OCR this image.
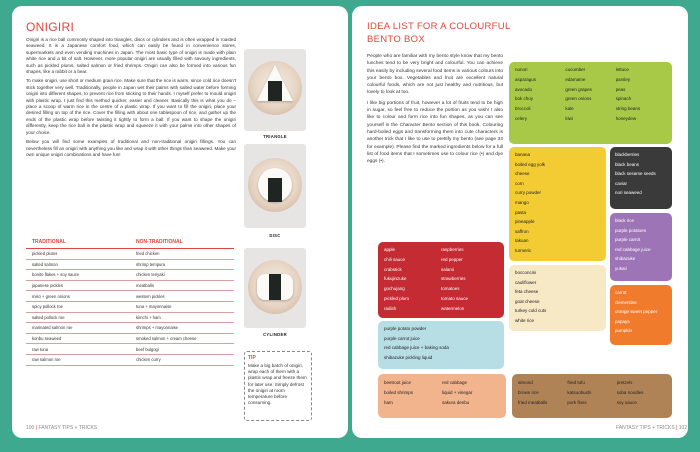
ONIGIRI

Onigiri is a rice ball commonly shaped into triangles, discs or cylinders and is often wrapped in roasted seaweed. It is a Japanese comfort food, which can easily be found in convenience stores, supermarkets and even vending machines in Japan. The most basic type of onigiri is made with plain white rice and a bit of salt. However, more popular onigiri are usually filled with savoury ingredients, such as pickled plums, salted salmon or fried shrimps. Onigiri can also be formed into various fun shapes, like a rabbit or a bear.

To make onigiri, use short or medium grain rice. Make sure that the rice is warm, since cold rice doesn't stick together very well. Traditionally, people in Japan wet their palms with salted water before forming onigiri into different shapes, to prevent rice from sticking to their hands. I myself prefer to mould onigiri with plastic wrap. I just find this method quicker, easier and cleaner. Basically this is what you do – place a scoop of warm rice in the centre of a plastic wrap. If you want to fill the onigiri, place your desired filling on top of the rice. Cover the filling with about one tablespoon of rice, and gather up the ends of the plastic wrap before twisting it tightly to form a ball. If you want to shape the onigiri differently, keep the rice ball in the plastic wrap and squeeze it with your palms into other shapes of your choice.

Below you will find some examples of traditional and non-traditional onigiri fillings. You can nevertheless fill an onigiri with anything you like and wrap it with other things than seaweed. Make your own unique onigiri combinations and have fun!

TRADITIONAL	NON-TRADITIONAL
pickled plums	fried chicken
salted salmon	shrimp tempura
bonito flakes + soy sauce	chicken teriyaki
japanese pickles	meatballs
miso + green onions	western pickles
spicy pollock roe	tuna + mayonnaise
salted pollock roe	kimchi + ham
marinated salmon roe	shrimps + mayonnaise
konbu seaweed	smoked salmon + cream cheese
raw tuna	beef bulgogi
raw salmon roe	chicken curry
TRIANGLE
DISC
CYLINDER
TIP
Make a big batch of onigiri, wrap each of them with a plastic wrap and freeze them for later use. Simply defrost the onigiri at room temperature before consuming.
100 | FANTASY TIPS + TRICKS
IDEA LIST FOR A COLOURFUL
BENTO BOX

People who are familiar with my bento style know that my bento lunches tend to be very bright and colourful. You can achieve this easily by including several food items in various colours into your bento box. Vegetables and fruit are excellent natural colourful foods, which are not just healthy and nutritious, but lovely to look at too.

I like big portions of fruit, however a lot of fruits tend to be high in sugar, so feel free to reduce the portion as you wish! I also like to colour and form rice into fun shapes, as you can see yourself in the Character Bento section of this book. Colouring hard-boiled eggs and transforming them into cute characters is another trick that I like to use to prettify my bento (see page 33 for example). Please find the marked ingredients below for a full list of food items that I sometimes use to colour rice (•) and dye eggs (•).

nonori	cucumber	lettuce
asparagus	edamame	parsley
avocado	green grapes	peas
bok choy	green onions	spinach
broccoli	kale	string beans
celery	kiwi	honeydew
banana
boiled egg yolk
cheese
corn
curry powder
mango
pasta
pineapple
saffron
takuan
turmeric
blackberries
black beans
black sesame seeds
caviar
nori seaweed
apple	raspberries
chili sauce	red pepper
crabstick	salami
fukujinzuke	strawberries
gochujang	tomatoes
pickled plum	tomato sauce
radish	watermelon
black rice
purple potatoes
purple carrot
red cabbage juice
shibazuke
yukari
bocconcini
cauliflower
feta cheese
goat cheese
turkey cold cuts
white rice
purple potato powder
purple carrot juice
red cabbage juice + baking soda
shibazuke pickling liquid
carrot
clementine
orange sweet pepper
papaya
pumpkin
beetroot juice	red cabbage
boiled shrimps	liquid + vinegar
ham	sakura denbu
almond	fried tofu	pretzels
brown rice	katsuobushi	soba noodles
fried meatballs	pork floss	soy sauce
FANTASY TIPS + TRICKS | 102
